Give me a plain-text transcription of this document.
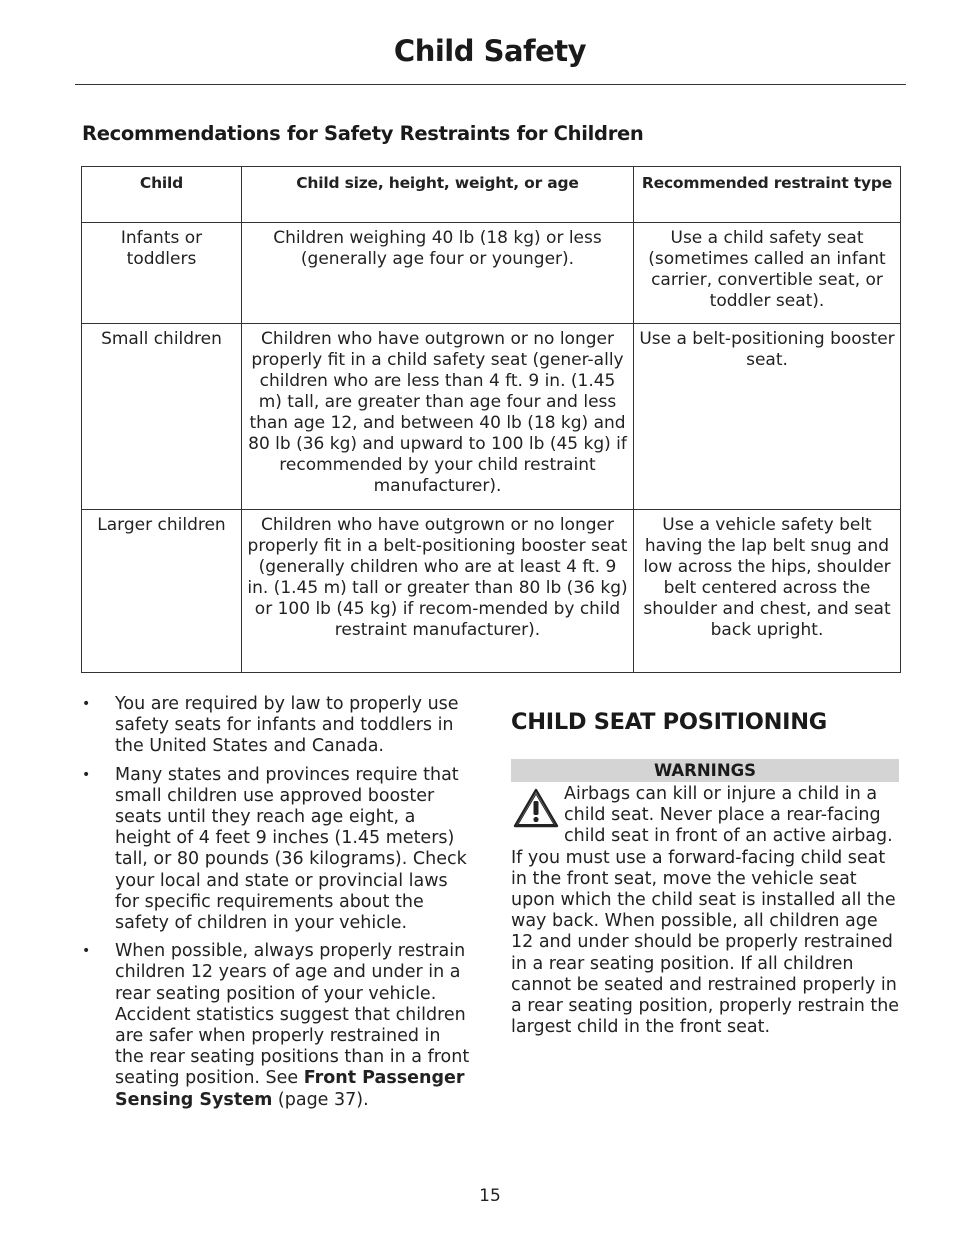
Child Safety
Recommendations for Safety Restraints for Children
Child	Child size, height, weight, or age	Recommended restraint type
Infants or toddlers	Children weighing 40 lb (18 kg) or less (generally age four or younger).	Use a child safety seat (sometimes called an infant carrier, convertible seat, or toddler seat).
Small children	Children who have outgrown or no longer properly fit in a child safety seat (gener-ally children who are less than 4 ft. 9 in. (1.45 m) tall, are greater than age four and less than age 12, and between 40 lb (18 kg) and 80 lb (36 kg) and upward to 100 lb (45 kg) if recommended by your child restraint manufacturer).	Use a belt-positioning booster seat.
Larger children	Children who have outgrown or no longer properly fit in a belt-positioning booster seat (generally children who are at least 4 ft. 9 in. (1.45 m) tall or greater than 80 lb (36 kg) or 100 lb (45 kg) if recom-mended by child restraint manufacturer).	Use a vehicle safety belt having the lap belt snug and low across the hips, shoulder belt centered across the shoulder and chest, and seat back upright.
• You are required by law to properly use safety seats for infants and toddlers in the United States and Canada.
• Many states and provinces require that small children use approved booster seats until they reach age eight, a height of 4 feet 9 inches (1.45 meters) tall, or 80 pounds (36 kilograms). Check your local and state or provincial laws for specific requirements about the safety of children in your vehicle.
• When possible, always properly restrain children 12 years of age and under in a rear seating position of your vehicle. Accident statistics suggest that children are safer when properly restrained in the rear seating positions than in a front seating position. See Front Passenger Sensing System (page 37).
CHILD SEAT POSITIONING
WARNINGS

Airbags can kill or injure a child in a child seat. Never place a rear-facing child seat in front of an active airbag. If you must use a forward-facing child seat in the front seat, move the vehicle seat upon which the child seat is installed all the way back. When possible, all children age 12 and under should be properly restrained in a rear seating position. If all children cannot be seated and restrained properly in a rear seating position, properly restrain the largest child in the front seat.

15
